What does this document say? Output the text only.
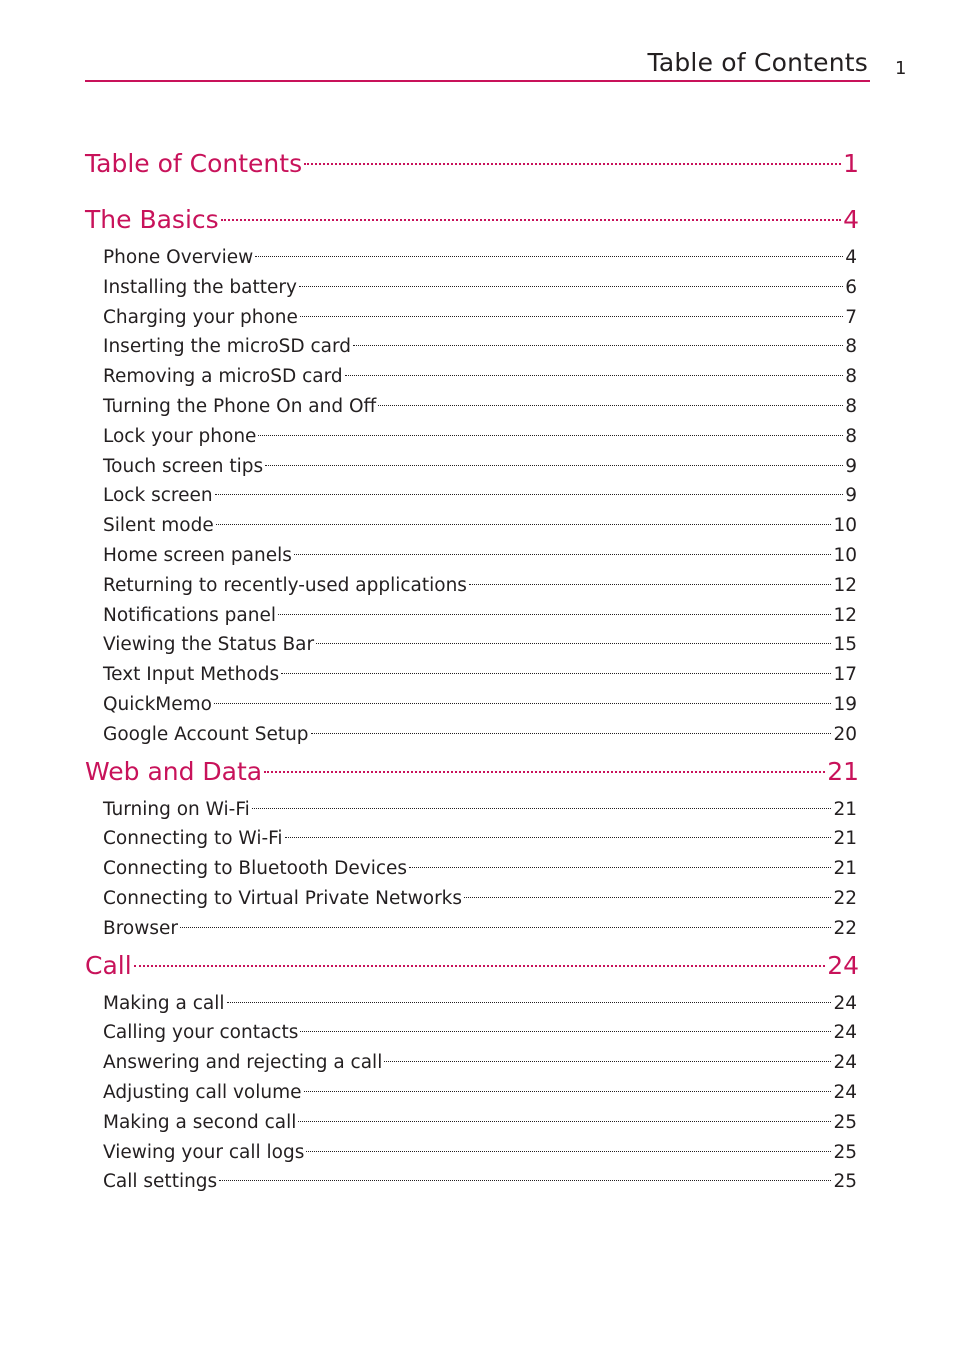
Table of Contents 1
Table of Contents	1
The Basics	4
Phone Overview	4
Installing the battery	6
Charging your phone	7
Inserting the microSD card	8
Removing a microSD card	8
Turning the Phone On and Off	8
Lock your phone	8
Touch screen tips	9
Lock screen	9
Silent mode	10
Home screen panels	10
Returning to recently-used applications	12
Notifications panel	12
Viewing the Status Bar	15
Text Input Methods	17
QuickMemo	19
Google Account Setup	20
Web and Data	21
Turning on Wi-Fi	21
Connecting to Wi-Fi	21
Connecting to Bluetooth Devices	21
Connecting to Virtual Private Networks	22
Browser	22
Call	24
Making a call	24
Calling your contacts	24
Answering and rejecting a call	24
Adjusting call volume	24
Making a second call	25
Viewing your call logs	25
Call settings	25
